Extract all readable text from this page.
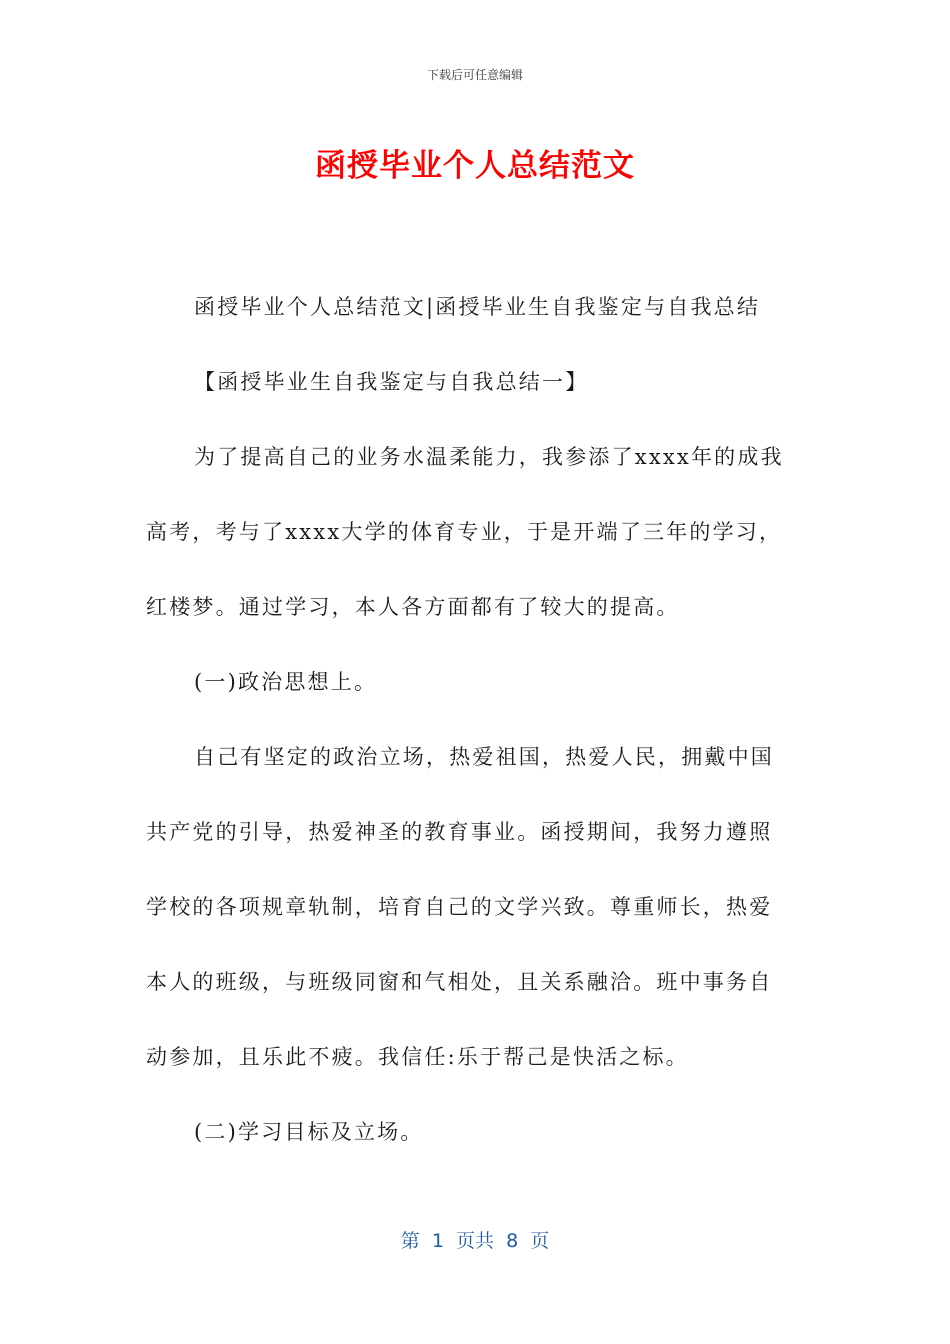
下载后可任意编辑
函授毕业个人总结范文

函授毕业个人总结范文|函授毕业生自我鉴定与自我总结

【函授毕业生自我鉴定与自我总结一】

为了提高自己的业务水温柔能力，我参添了xxxx年的成我

高考，考与了xxxx大学的体育专业，于是开端了三年的学习，

红楼梦。通过学习，本人各方面都有了较大的提高。

(一)政治思想上。

自己有坚定的政治立场，热爱祖国，热爱人民，拥戴中国

共产党的引导，热爱神圣的教育事业。函授期间，我努力遵照

学校的各项规章轨制，培育自己的文学兴致。尊重师长，热爱

本人的班级，与班级同窗和气相处，且关系融洽。班中事务自

动参加，且乐此不疲。我信任:乐于帮己是快活之标。

(二)学习目标及立场。

第  1  页共  8  页
